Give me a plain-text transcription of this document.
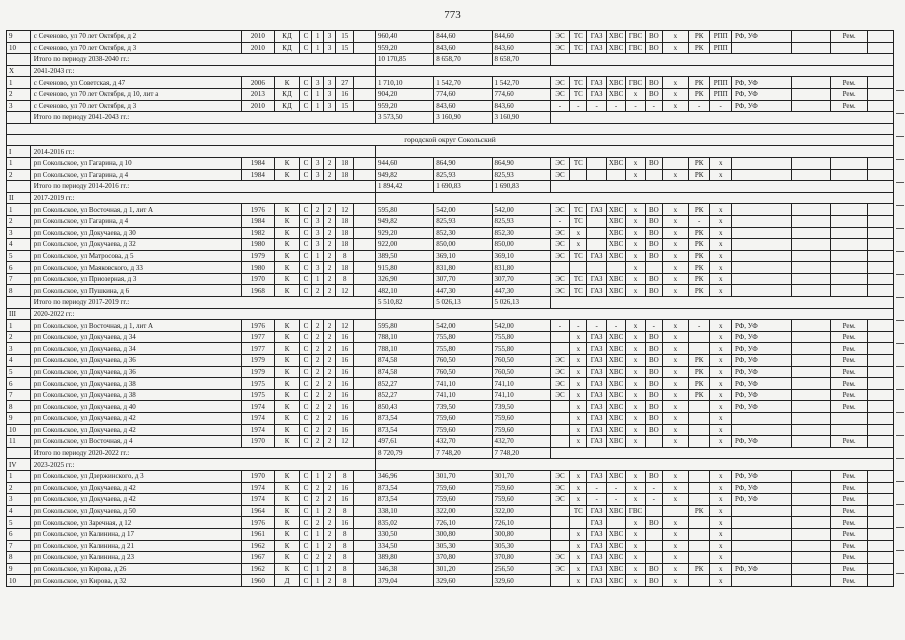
773
9	с Сеченово, ул 70 лет Октября, д 2	2010	КД	С	1	3	15		960,40	844,60	844,60	ЭС	ТС	ГАЗ	ХВС	ГВС	ВО	х	РК	РПП	РФ, УФ		Рем.	
10	с Сеченово, ул 70 лет Октября, д 3	2010	КД	С	1	3	15		959,20	843,60	843,60	ЭС	ТС	ГАЗ	ХВС	ГВС	ВО	х	РК	РПП				
	Итого по периоду 2038-2040 гг.:								10 170,85	8 658,70	8 658,70													
X	2041-2043 гг.:																							
1	с Сеченово, ул Советская, д 47	2006	К	С	3	3	27		1 710,10	1 542,70	1 542,70	ЭС	ТС	ГАЗ	ХВС	ГВС	ВО	х	РК	РПП	РФ, УФ		Рем.	
2	с Сеченово, ул 70 лет Октября, д 10, лит а	2013	КД	С	1	3	16		904,20	774,60	774,60	ЭС	ТС	ГАЗ	ХВС	х	ВО	х	РК	РПП	РФ, УФ		Рем.	
3	с Сеченово, ул 70 лет Октября, д 3	2010	КД	С	1	3	15		959,20	843,60	843,60	-	-	-	-	-	-	х	-	-	РФ, УФ		Рем.	
	Итого по периоду 2041-2043 гг.:								3 573,50	3 160,90	3 160,90													

городской округ Сокольский																								
I	2014-2016 гг.:																							
1	рп Сокольское, ул Гагарина, д 10	1984	К	С	3	2	18		944,60	864,90	864,90	ЭС	ТС		ХВС	х	ВО		РК	х				
2	рп Сокольское, ул Гагарина, д 4	1984	К	С	3	2	18		949,82	825,93	825,93	ЭС				х		х	РК	х				
	Итого по периоду 2014-2016 гг.:								1 894,42	1 690,83	1 690,83													
II	2017-2019 гг.:																							
1	рп Сокольское, ул Восточная, д 1, лит А	1976	К	С	2	2	12		595,80	542,00	542,00	ЭС	ТС	ГАЗ	ХВС	х	ВО	х	РК	х				
2	рп Сокольское, ул Гагарина, д 4	1984	К	С	3	2	18		949,82	825,93	825,93	-	ТС		ХВС	х	ВО	х	-	х				
3	рп Сокольское, ул Докучаева, д 30	1982	К	С	3	2	18		929,20	852,30	852,30	ЭС	х		ХВС	х	ВО	х	РК	х				
4	рп Сокольское, ул Докучаева, д 32	1980	К	С	3	2	18		922,00	850,00	850,00	ЭС	х		ХВС	х	ВО	х	РК	х				
5	рп Сокольское, ул Матросова, д 5	1979	К	С	1	2	8		389,50	369,10	369,10	ЭС	ТС	ГАЗ	ХВС	х	ВО	х	РК	х				
6	рп Сокольское, ул Маяковского, д 33	1980	К	С	3	2	18		915,80	831,80	831,80					х		х	РК	х				
7	рп Сокольское, ул Приозерная, д 3	1970	К	С	1	2	8		326,90	307,70	307,70	ЭС	ТС	ГАЗ	ХВС	х	ВО	х	РК	х				
8	рп Сокольское, ул Пушкина, д 6	1968	К	С	2	2	12		482,10	447,30	447,30	ЭС	ТС	ГАЗ	ХВС	х	ВО	х	РК	х				
	Итого по периоду 2017-2019 гг.:								5 510,82	5 026,13	5 026,13													
III	2020-2022 гг.:																							
1	рп Сокольское, ул Восточная, д 1, лит А	1976	К	С	2	2	12		595,80	542,00	542,00	-	-	-	-	х	-	х	-	х	РФ, УФ		Рем.	
2	рп Сокольское, ул Докучаева, д 34	1977	К	С	2	2	16		788,10	755,80	755,80		х	ГАЗ	ХВС	х	ВО	х		х	РФ, УФ		Рем.	
3	рп Сокольское, ул Докучаева, д 34	1977	К	С	2	2	16		788,10	755,80	755,80		х	ГАЗ	ХВС	х	ВО	х		х	РФ, УФ		Рем.	
4	рп Сокольское, ул Докучаева, д 36	1979	К	С	2	2	16		874,58	760,50	760,50	ЭС	х	ГАЗ	ХВС	х	ВО	х	РК	х	РФ, УФ		Рем.	
5	рп Сокольское, ул Докучаева, д 36	1979	К	С	2	2	16		874,58	760,50	760,50	ЭС	х	ГАЗ	ХВС	х	ВО	х	РК	х	РФ, УФ		Рем.	
6	рп Сокольское, ул Докучаева, д 38	1975	К	С	2	2	16		852,27	741,10	741,10	ЭС	х	ГАЗ	ХВС	х	ВО	х	РК	х	РФ, УФ		Рем.	
7	рп Сокольское, ул Докучаева, д 38	1975	К	С	2	2	16		852,27	741,10	741,10	ЭС	х	ГАЗ	ХВС	х	ВО	х	РК	х	РФ, УФ		Рем.	
8	рп Сокольское, ул Докучаева, д 40	1974	К	С	2	2	16		850,43	739,50	739,50		х	ГАЗ	ХВС	х	ВО	х		х	РФ, УФ		Рем.	
9	рп Сокольское, ул Докучаева, д 42	1974	К	С	2	2	16		873,54	759,60	759,60		х	ГАЗ	ХВС	х	ВО	х		х				
10	рп Сокольское, ул Докучаева, д 42	1974	К	С	2	2	16		873,54	759,60	759,60		х	ГАЗ	ХВС	х	ВО	х		х				
11	рп Сокольское, ул Восточная, д 4	1970	К	С	2	2	12		497,61	432,70	432,70		х	ГАЗ	ХВС	х		х		х	РФ, УФ		Рем.	
	Итого по периоду 2020-2022 гг.:								8 720,79	7 748,20	7 748,20													
IV	2023-2025 гг.:																							
1	рп Сокольское, ул Дзержинского, д 3	1970	К	С	1	2	8		346,96	301,70	301,70	ЭС	х	ГАЗ	ХВС	х	ВО	х		х	РФ, УФ		Рем.	
2	рп Сокольское, ул Докучаева, д 42	1974	К	С	2	2	16		873,54	759,60	759,60	ЭС	х	-	-	х	-	х		х	РФ, УФ		Рем.	
3	рп Сокольское, ул Докучаева, д 42	1974	К	С	2	2	16		873,54	759,60	759,60	ЭС	х	-	-	х	-	х		х	РФ, УФ		Рем.	
4	рп Сокольское, ул Докучаева, д 50	1964	К	С	1	2	8		338,10	322,00	322,00		ТС	ГАЗ	ХВС	ГВС			РК	х			Рем.	
5	рп Сокольское, ул Заречная, д 12	1976	К	С	2	2	16		835,02	726,10	726,10			ГАЗ		х	ВО	х		х			Рем.	
6	рп Сокольское, ул Калинина, д 17	1961	К	С	1	2	8		330,50	300,80	300,80		х	ГАЗ	ХВС	х		х		х			Рем.	
7	рп Сокольское, ул Калинина, д 21	1962	К	С	1	2	8		334,50	305,30	305,30		х	ГАЗ	ХВС	х		х		х			Рем.	
8	рп Сокольское, ул Калинина, д 23	1967	К	С	2	2	8		389,80	370,80	370,80	ЭС	х	ГАЗ	ХВС	х		х		х			Рем.	
9	рп Сокольское, ул Кирова, д 26	1962	К	С	1	2	8		346,38	301,20	256,50	ЭС	х	ГАЗ	ХВС	х	ВО	х	РК	х	РФ, УФ		Рем.	
10	рп Сокольское, ул Кирова, д 32	1960	Д	С	1	2	8		379,04	329,60	329,60		х	ГАЗ	ХВС	х	ВО	х		х			Рем.	
